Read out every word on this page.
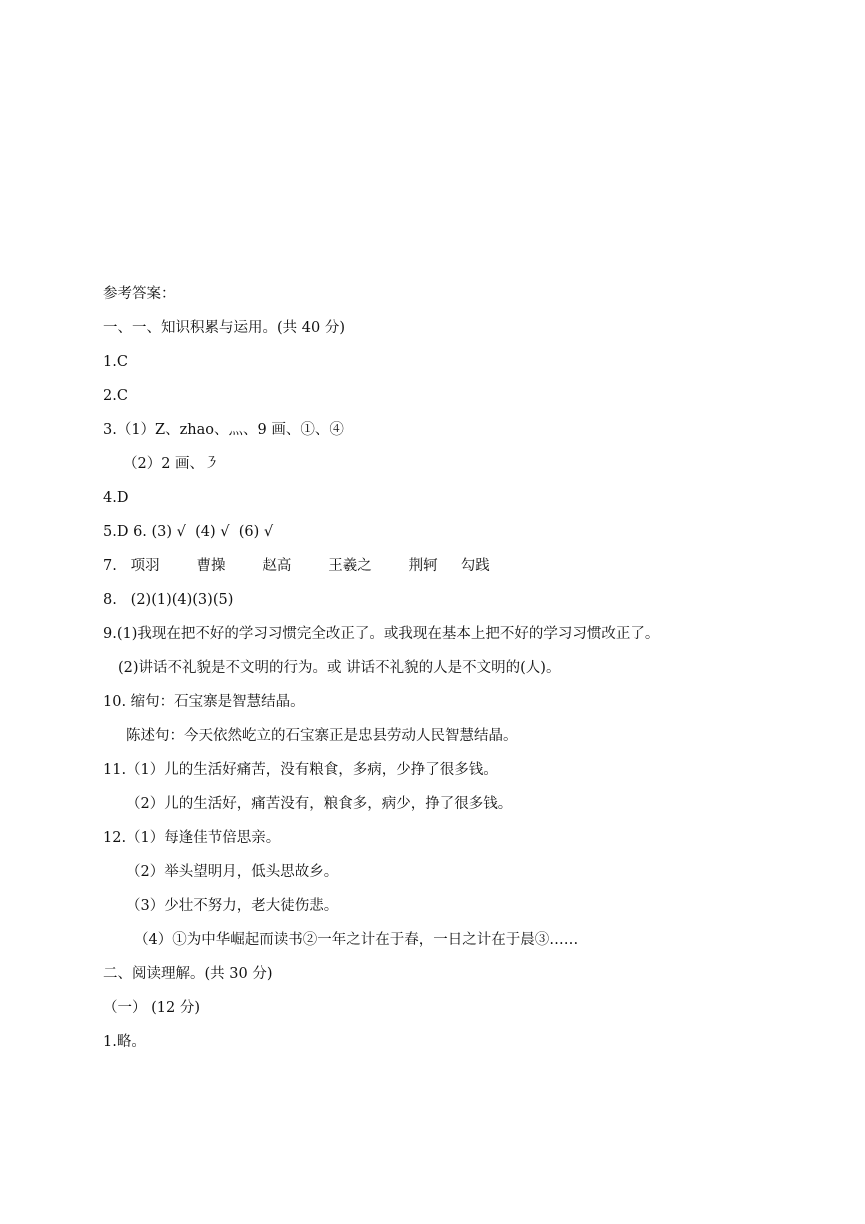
参考答案：
一、一、知识积累与运用。(共 40 分)
1.C
2.C
3.（1）Z、zhao、灬、9 画、①、④
（2）2 画、㇋
4.D
5.D 6. (3) √  (4) √  (6) √
7.   项羽        曹操        赵高        王羲之        荆轲     勾践
8.   (2)(1)(4)(3)(5)
9.(1)我现在把不好的学习习惯完全改正了。或我现在基本上把不好的学习习惯改正了。
(2)讲话不礼貌是不文明的行为。或 讲话不礼貌的人是不文明的(人)。
10. 缩句：石宝寨是智慧结晶。
陈述句：今天依然屹立的石宝寨正是忠县劳动人民智慧结晶。
11.（1）儿的生活好痛苦，没有粮食，多病，少挣了很多钱。
（2）儿的生活好，痛苦没有，粮食多，病少，挣了很多钱。
12.（1）每逢佳节倍思亲。
（2）举头望明月，低头思故乡。
（3）少壮不努力，老大徒伤悲。
（4）①为中华崛起而读书②一年之计在于春，一日之计在于晨③……
二、阅读理解。(共 30 分)
（一） (12 分)
1.略。
